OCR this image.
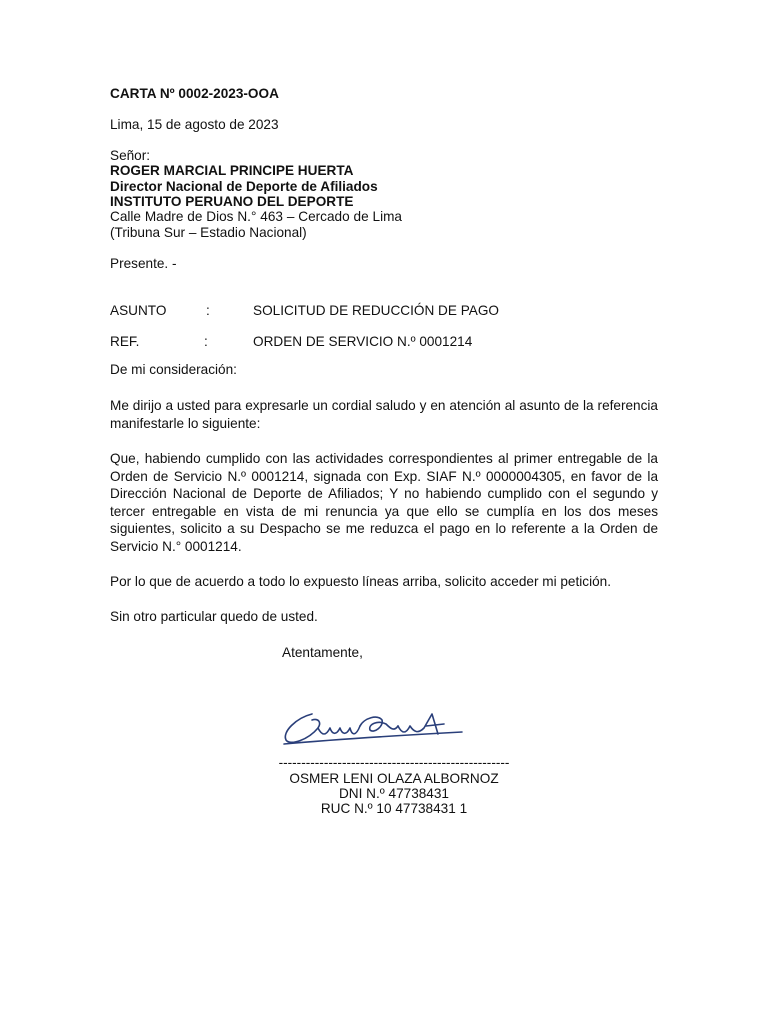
CARTA Nº 0002-2023-OOA
Lima, 15 de agosto de 2023
Señor:
ROGER MARCIAL PRINCIPE HUERTA
Director Nacional de Deporte de Afiliados
INSTITUTO PERUANO DEL DEPORTE
Calle Madre de Dios N.° 463 – Cercado de Lima (Tribuna Sur – Estadio Nacional)
Presente. -
ASUNTO	:	SOLICITUD DE REDUCCIÓN DE PAGO
REF.	:	ORDEN DE SERVICIO N.º 0001214
De mi consideración:
Me dirijo a usted para expresarle un cordial saludo y en atención al asunto de la referencia manifestarle lo siguiente:
Que, habiendo cumplido con las actividades correspondientes al primer entregable de la Orden de Servicio N.º 0001214, signada con Exp. SIAF N.º 0000004305, en favor de la Dirección Nacional de Deporte de Afiliados; Y no habiendo cumplido con el segundo y tercer entregable en vista de mi renuncia ya que ello se cumplía en los dos meses siguientes, solicito a su Despacho se me reduzca el pago en lo referente a la Orden de Servicio N.° 0001214.
Por lo que de acuerdo a todo lo expuesto líneas arriba, solicito acceder mi petición.
Sin otro particular quedo de usted.
Atentamente,
---------------------------------------------------
OSMER LENI OLAZA ALBORNOZ
DNI N.º 47738431
RUC N.º 10 47738431 1
